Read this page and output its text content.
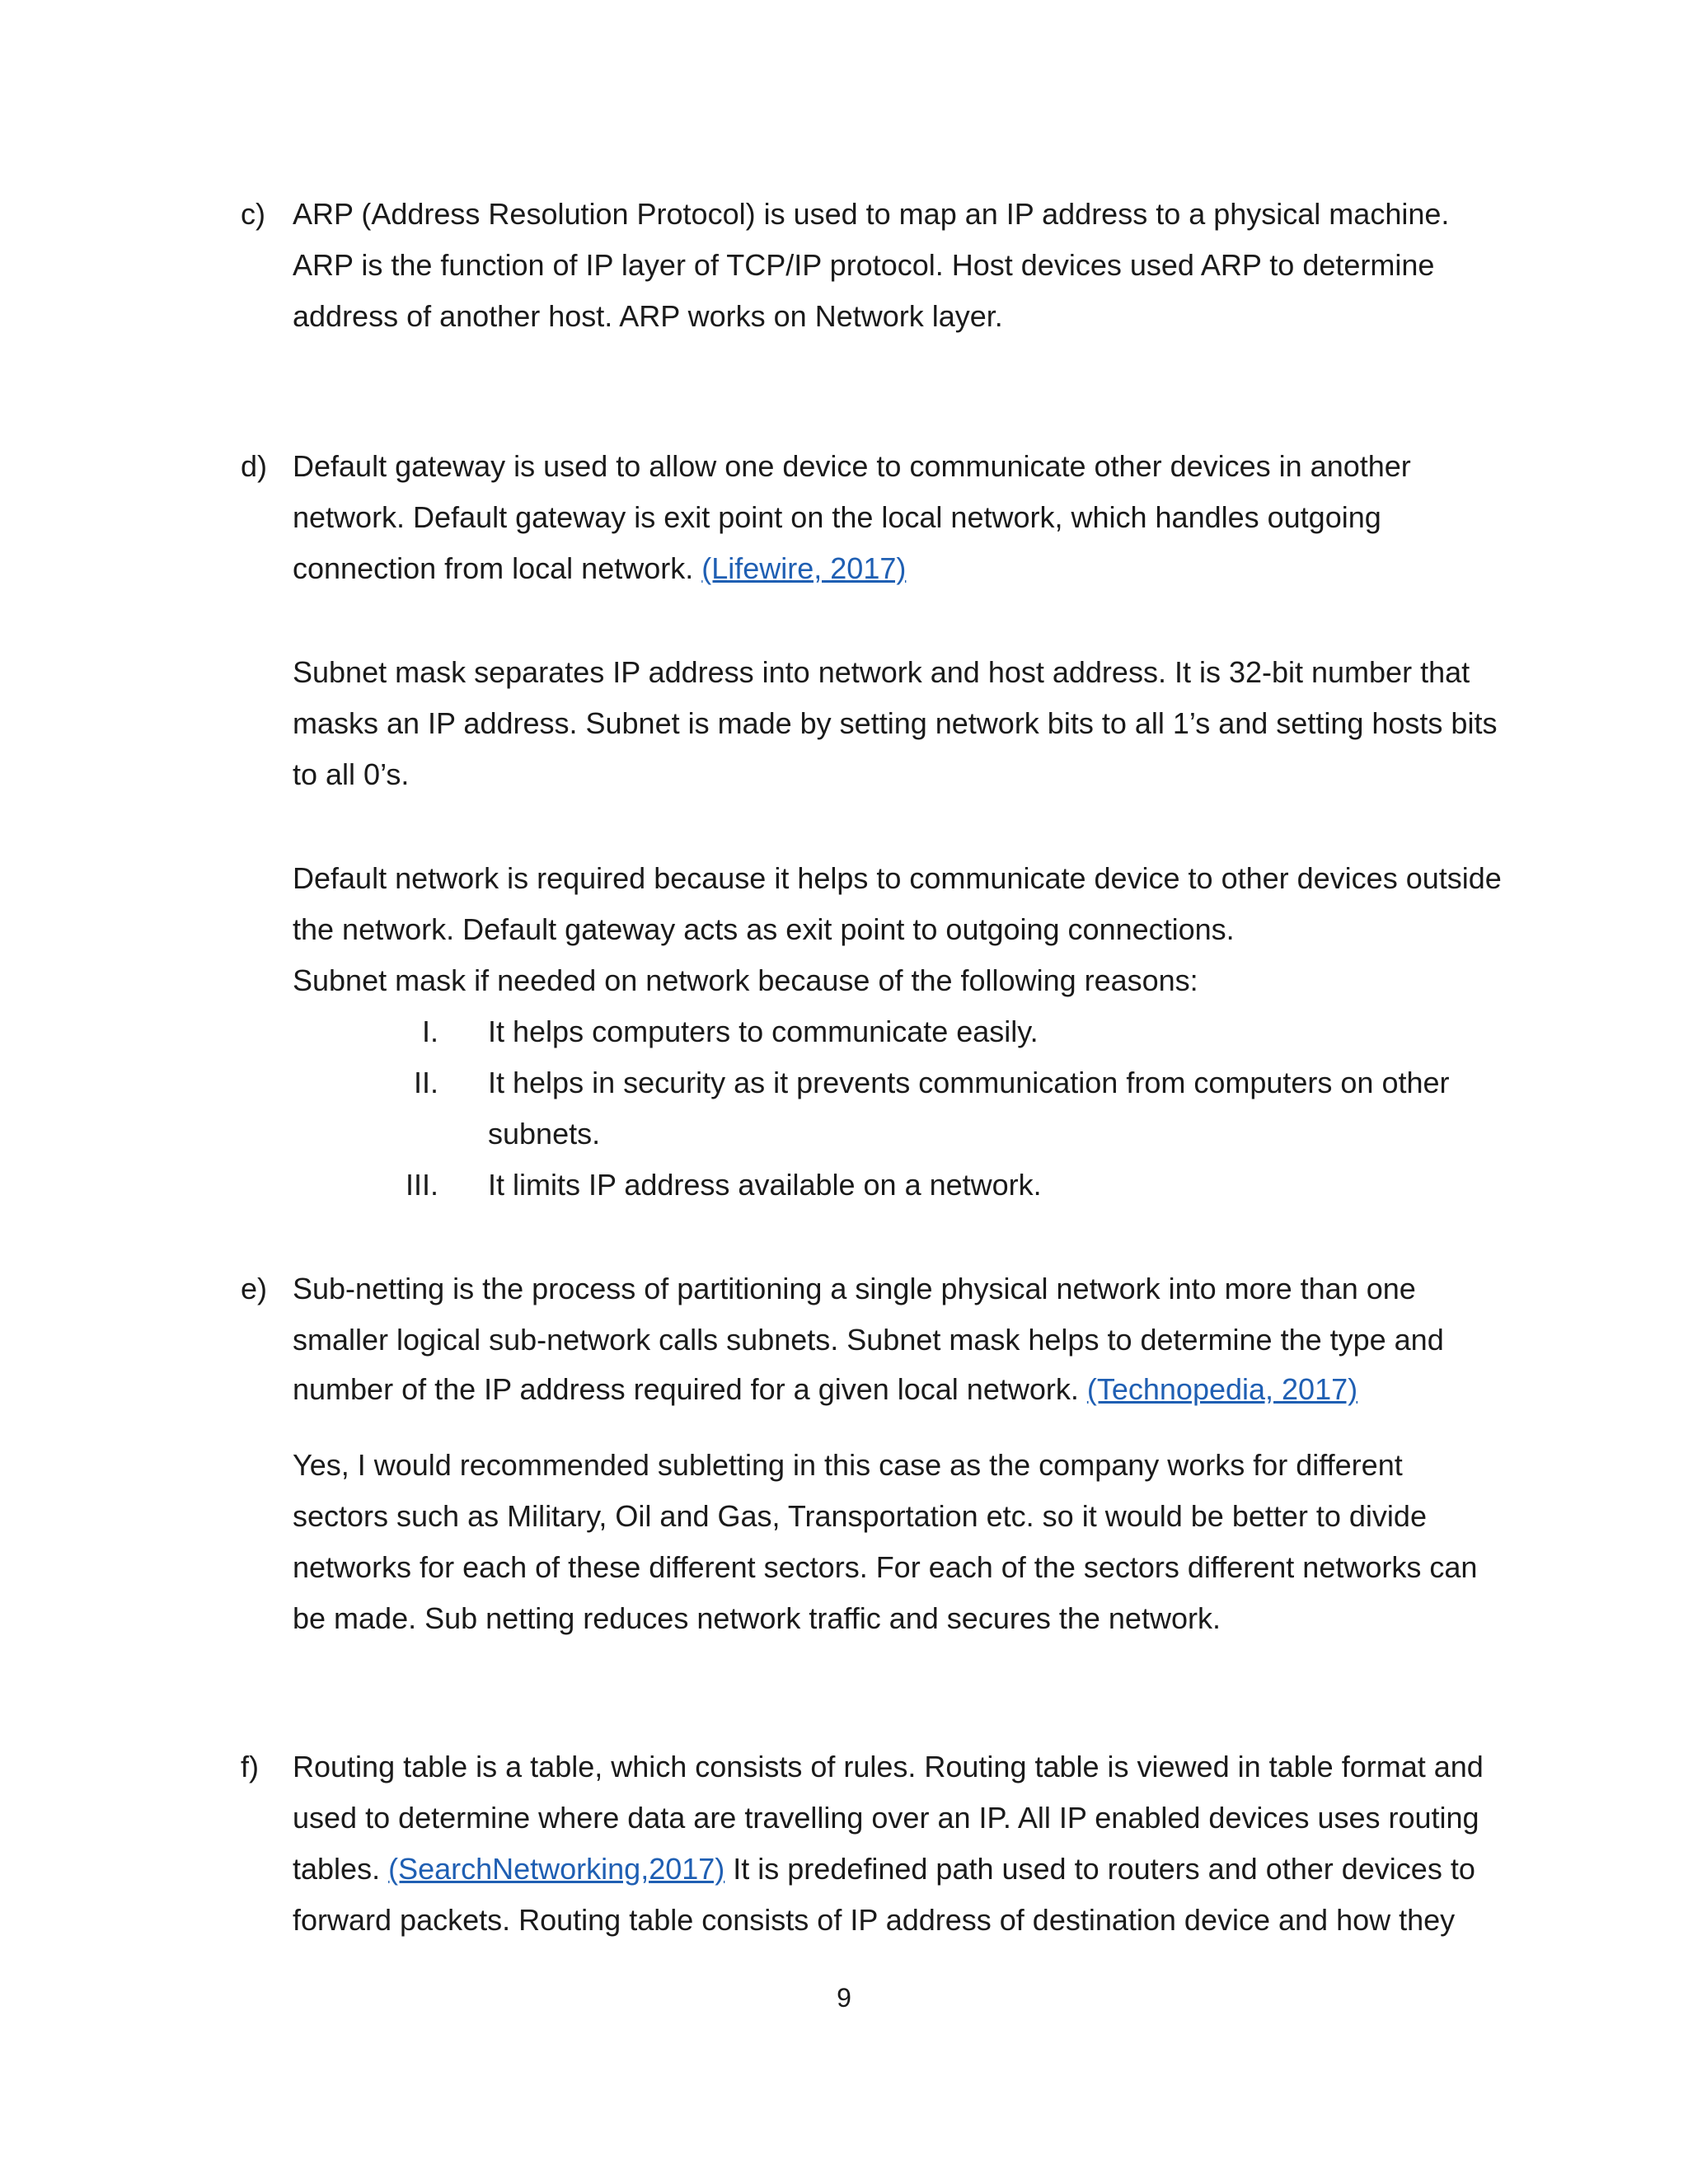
c) ARP (Address Resolution Protocol) is used to map an IP address to a physical machine.
ARP is the function of IP layer of TCP/IP protocol. Host devices used ARP to determine
address of another host. ARP works on Network layer.
d) Default gateway is used to allow one device to communicate other devices in another
network. Default gateway is exit point on the local network, which handles outgoing
connection from local network. (Lifewire, 2017)
Subnet mask separates IP address into network and host address. It is 32-bit number that
masks an IP address. Subnet is made by setting network bits to all 1’s and setting hosts bits
to all 0’s.
Default network is required because it helps to communicate device to other devices outside
the network. Default gateway acts as exit point to outgoing connections.
Subnet mask if needed on network because of the following reasons:
I. It helps computers to communicate easily.
II. It helps in security as it prevents communication from computers on other
subnets.
III. It limits IP address available on a network.
e) Sub-netting is the process of partitioning a single physical network into more than one
smaller logical sub-network calls subnets. Subnet mask helps to determine the type and
number of the IP address required for a given local network. (Technopedia, 2017)
Yes, I would recommended subletting in this case as the company works for different
sectors such as Military, Oil and Gas, Transportation etc. so it would be better to divide
networks for each of these different sectors. For each of the sectors different networks can
be made. Sub netting reduces network traffic and secures the network.
f) Routing table is a table, which consists of rules. Routing table is viewed in table format and
used to determine where data are travelling over an IP. All IP enabled devices uses routing
tables. (SearchNetworking,2017) It is predefined path used to routers and other devices to
forward packets. Routing table consists of IP address of destination device and how they
9
